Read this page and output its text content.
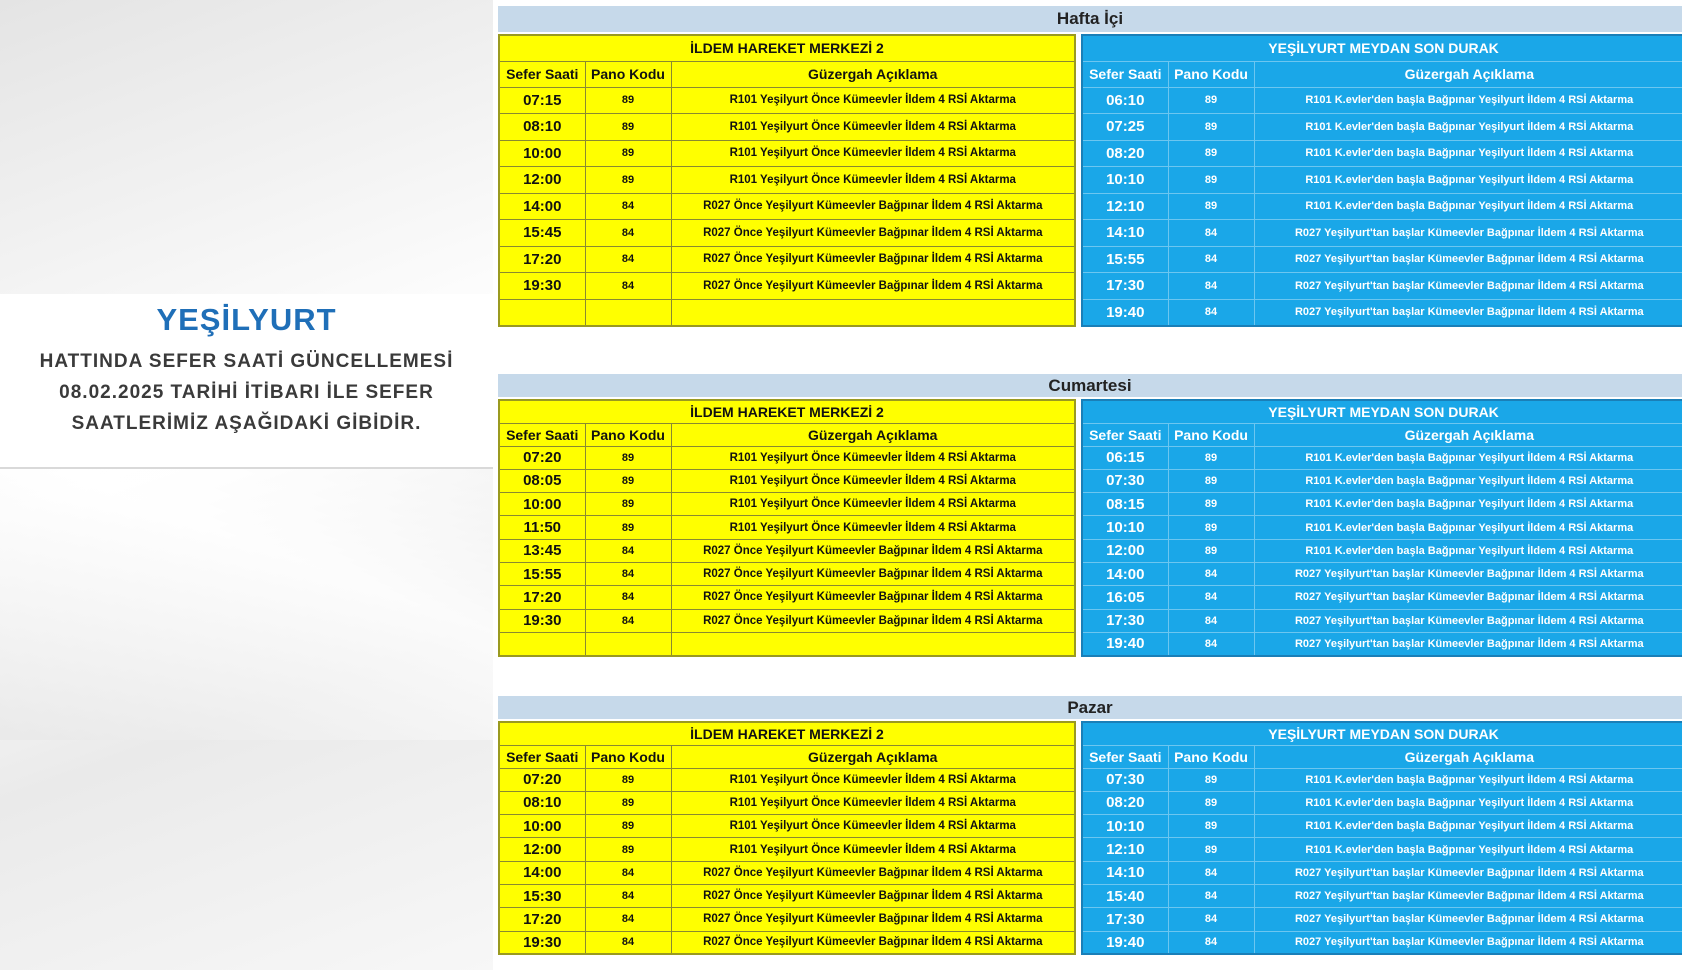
YEŞİLYURT
HATTINDA SEFER SAATİ GÜNCELLEMESİ
08.02.2025 TARİHİ İTİBARI İLE SEFER
SAATLERİMİZ AŞAĞIDAKİ GİBİDİR.
Hafta İçi
İLDEM HAREKET MERKEZİ 2		
Sefer Saati	Pano Kodu	Güzergah Açıklama
07:15	89	R101 Yeşilyurt Önce Kümeevler İldem 4 RSİ Aktarma
08:10	89	R101 Yeşilyurt Önce Kümeevler İldem 4 RSİ Aktarma
10:00	89	R101 Yeşilyurt Önce Kümeevler İldem 4 RSİ Aktarma
12:00	89	R101 Yeşilyurt Önce Kümeevler İldem 4 RSİ Aktarma
14:00	84	R027 Önce Yeşilyurt Kümeevler Bağpınar İldem 4 RSİ Aktarma
15:45	84	R027 Önce Yeşilyurt Kümeevler Bağpınar İldem 4 RSİ Aktarma
17:20	84	R027 Önce Yeşilyurt Kümeevler Bağpınar İldem 4 RSİ Aktarma
19:30	84	R027 Önce Yeşilyurt Kümeevler Bağpınar İldem 4 RSİ Aktarma

YEŞİLYURT MEYDAN SON DURAK		
Sefer Saati	Pano Kodu	Güzergah Açıklama
06:10	89	R101 K.evler'den başla Bağpınar Yeşilyurt İldem 4 RSİ Aktarma
07:25	89	R101 K.evler'den başla Bağpınar Yeşilyurt İldem 4 RSİ Aktarma
08:20	89	R101 K.evler'den başla Bağpınar Yeşilyurt İldem 4 RSİ Aktarma
10:10	89	R101 K.evler'den başla Bağpınar Yeşilyurt İldem 4 RSİ Aktarma
12:10	89	R101 K.evler'den başla Bağpınar Yeşilyurt İldem 4 RSİ Aktarma
14:10	84	R027 Yeşilyurt'tan başlar Kümeevler Bağpınar İldem 4 RSİ Aktarma
15:55	84	R027 Yeşilyurt'tan başlar Kümeevler Bağpınar İldem 4 RSİ Aktarma
17:30	84	R027 Yeşilyurt'tan başlar Kümeevler Bağpınar İldem 4 RSİ Aktarma
19:40	84	R027 Yeşilyurt'tan başlar Kümeevler Bağpınar İldem 4 RSİ Aktarma
Cumartesi
İLDEM HAREKET MERKEZİ 2		
Sefer Saati	Pano Kodu	Güzergah Açıklama
07:20	89	R101 Yeşilyurt Önce Kümeevler İldem 4 RSİ Aktarma
08:05	89	R101 Yeşilyurt Önce Kümeevler İldem 4 RSİ Aktarma
10:00	89	R101 Yeşilyurt Önce Kümeevler İldem 4 RSİ Aktarma
11:50	89	R101 Yeşilyurt Önce Kümeevler İldem 4 RSİ Aktarma
13:45	84	R027 Önce Yeşilyurt Kümeevler Bağpınar İldem 4 RSİ Aktarma
15:55	84	R027 Önce Yeşilyurt Kümeevler Bağpınar İldem 4 RSİ Aktarma
17:20	84	R027 Önce Yeşilyurt Kümeevler Bağpınar İldem 4 RSİ Aktarma
19:30	84	R027 Önce Yeşilyurt Kümeevler Bağpınar İldem 4 RSİ Aktarma

YEŞİLYURT MEYDAN SON DURAK		
Sefer Saati	Pano Kodu	Güzergah Açıklama
06:15	89	R101 K.evler'den başla Bağpınar Yeşilyurt İldem 4 RSİ Aktarma
07:30	89	R101 K.evler'den başla Bağpınar Yeşilyurt İldem 4 RSİ Aktarma
08:15	89	R101 K.evler'den başla Bağpınar Yeşilyurt İldem 4 RSİ Aktarma
10:10	89	R101 K.evler'den başla Bağpınar Yeşilyurt İldem 4 RSİ Aktarma
12:00	89	R101 K.evler'den başla Bağpınar Yeşilyurt İldem 4 RSİ Aktarma
14:00	84	R027 Yeşilyurt'tan başlar Kümeevler Bağpınar İldem 4 RSİ Aktarma
16:05	84	R027 Yeşilyurt'tan başlar Kümeevler Bağpınar İldem 4 RSİ Aktarma
17:30	84	R027 Yeşilyurt'tan başlar Kümeevler Bağpınar İldem 4 RSİ Aktarma
19:40	84	R027 Yeşilyurt'tan başlar Kümeevler Bağpınar İldem 4 RSİ Aktarma
Pazar
İLDEM HAREKET MERKEZİ 2		
Sefer Saati	Pano Kodu	Güzergah Açıklama
07:20	89	R101 Yeşilyurt Önce Kümeevler İldem 4 RSİ Aktarma
08:10	89	R101 Yeşilyurt Önce Kümeevler İldem 4 RSİ Aktarma
10:00	89	R101 Yeşilyurt Önce Kümeevler İldem 4 RSİ Aktarma
12:00	89	R101 Yeşilyurt Önce Kümeevler İldem 4 RSİ Aktarma
14:00	84	R027 Önce Yeşilyurt Kümeevler Bağpınar İldem 4 RSİ Aktarma
15:30	84	R027 Önce Yeşilyurt Kümeevler Bağpınar İldem 4 RSİ Aktarma
17:20	84	R027 Önce Yeşilyurt Kümeevler Bağpınar İldem 4 RSİ Aktarma
19:30	84	R027 Önce Yeşilyurt Kümeevler Bağpınar İldem 4 RSİ Aktarma
YEŞİLYURT MEYDAN SON DURAK		
Sefer Saati	Pano Kodu	Güzergah Açıklama
07:30	89	R101 K.evler'den başla Bağpınar Yeşilyurt İldem 4 RSİ Aktarma
08:20	89	R101 K.evler'den başla Bağpınar Yeşilyurt İldem 4 RSİ Aktarma
10:10	89	R101 K.evler'den başla Bağpınar Yeşilyurt İldem 4 RSİ Aktarma
12:10	89	R101 K.evler'den başla Bağpınar Yeşilyurt İldem 4 RSİ Aktarma
14:10	84	R027 Yeşilyurt'tan başlar Kümeevler Bağpınar İldem 4 RSİ Aktarma
15:40	84	R027 Yeşilyurt'tan başlar Kümeevler Bağpınar İldem 4 RSİ Aktarma
17:30	84	R027 Yeşilyurt'tan başlar Kümeevler Bağpınar İldem 4 RSİ Aktarma
19:40	84	R027 Yeşilyurt'tan başlar Kümeevler Bağpınar İldem 4 RSİ Aktarma
